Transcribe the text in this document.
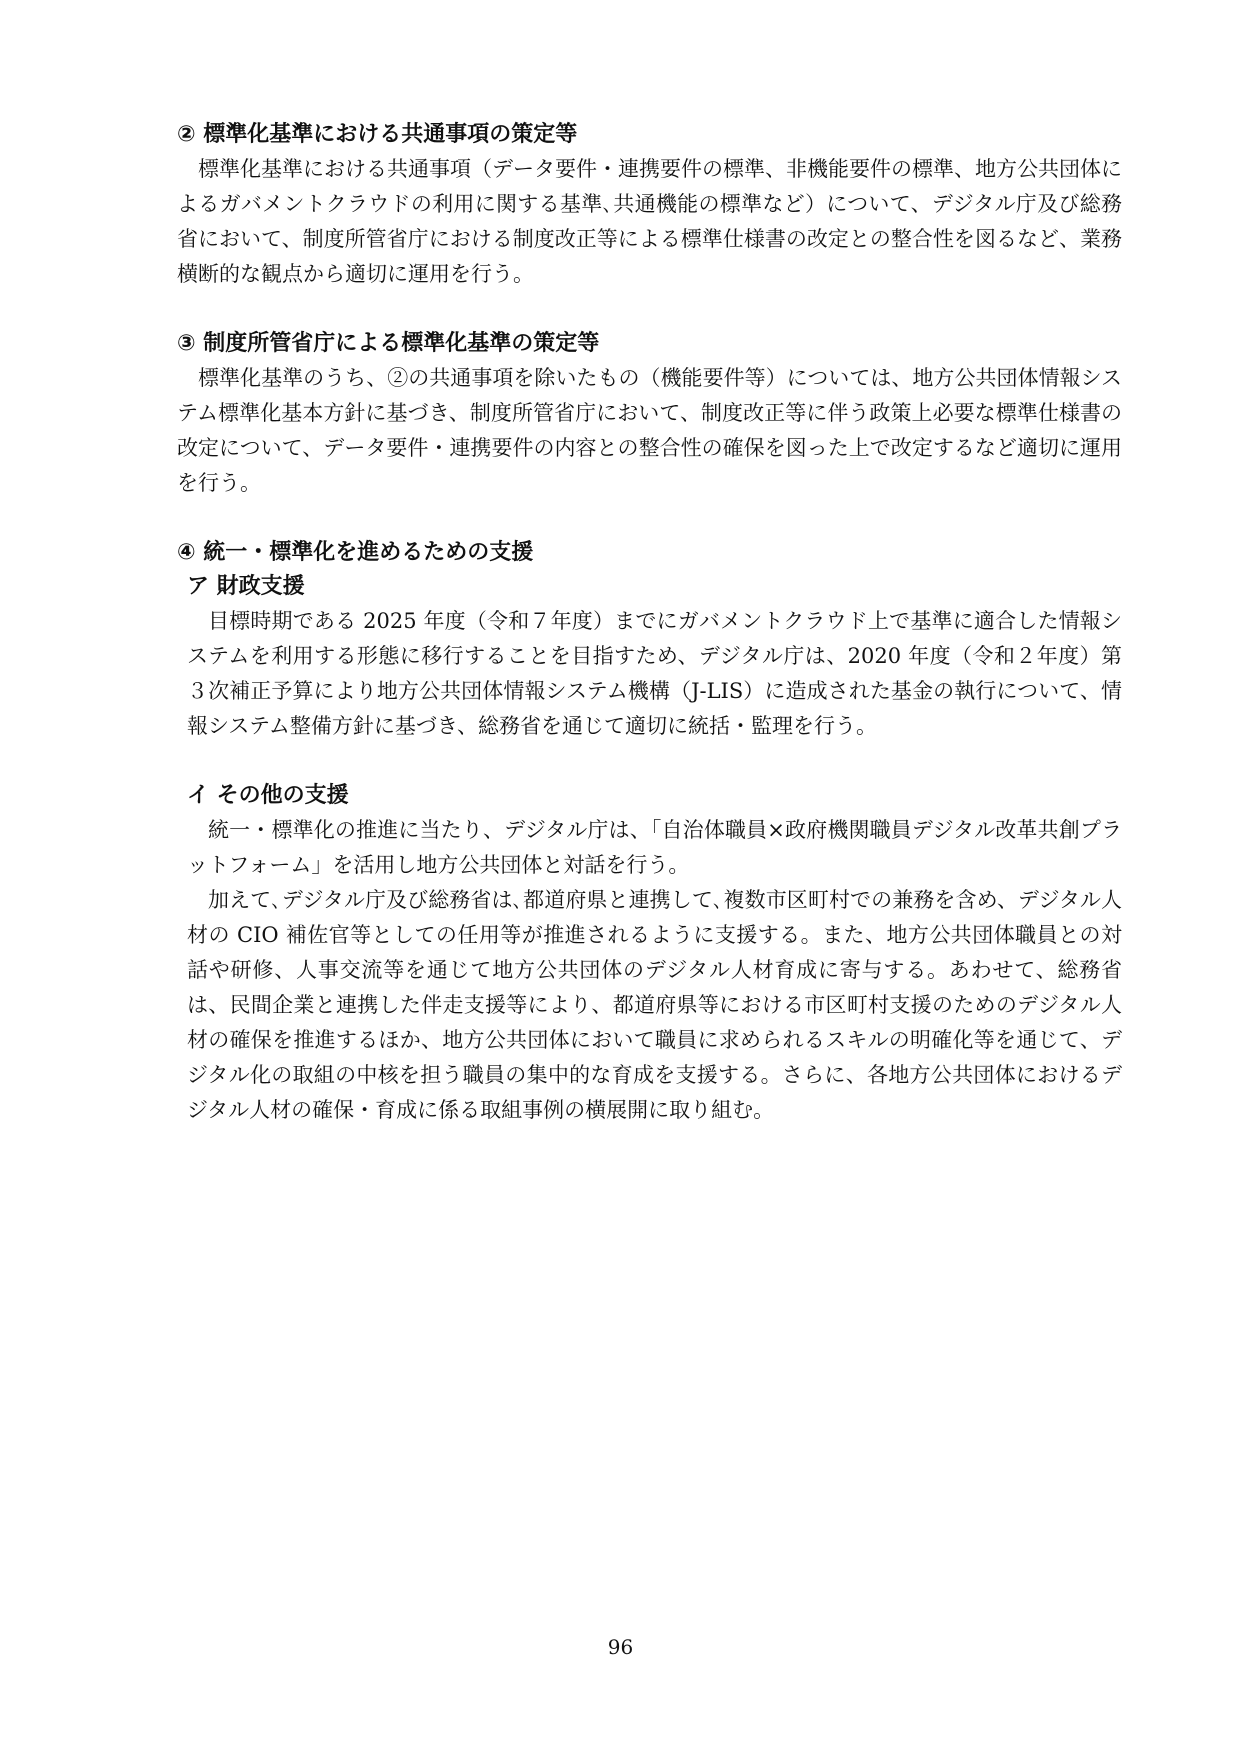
② 標準化基準における共通事項の策定等

標準化基準における共通事項（データ要件・連携要件の標準、非機能要件の標準、地方公共団体によるガバメントクラウドの利用に関する基準､共通機能の標準など）について、デジタル庁及び総務省において、制度所管省庁における制度改正等による標準仕様書の改定との整合性を図るなど、業務横断的な観点から適切に運用を行う。

③ 制度所管省庁による標準化基準の策定等

標準化基準のうち、②の共通事項を除いたもの（機能要件等）については、地方公共団体情報システム標準化基本方針に基づき、制度所管省庁において、制度改正等に伴う政策上必要な標準仕様書の改定について、データ要件・連携要件の内容との整合性の確保を図った上で改定するなど適切に運用を行う。

④ 統一・標準化を進めるための支援
ア 財政支援

目標時期である 2025 年度（令和７年度）までにガバメントクラウド上で基準に適合した情報システムを利用する形態に移行することを目指すため、デジタル庁は、2020 年度（令和２年度）第３次補正予算により地方公共団体情報システム機構（J-LIS）に造成された基金の執行について、情報システム整備方針に基づき、総務省を通じて適切に統括・監理を行う。

イ その他の支援

統一・標準化の推進に当たり、デジタル庁は、「自治体職員×政府機関職員デジタル改革共創プラットフォーム」を活用し地方公共団体と対話を行う。

加えて､デジタル庁及び総務省は､都道府県と連携して､複数市区町村での兼務を含め、デジタル人材の CIO 補佐官等としての任用等が推進されるように支援する。また、地方公共団体職員との対話や研修、人事交流等を通じて地方公共団体のデジタル人材育成に寄与する。あわせて、総務省は、民間企業と連携した伴走支援等により、都道府県等における市区町村支援のためのデジタル人材の確保を推進するほか、地方公共団体において職員に求められるスキルの明確化等を通じて、デジタル化の取組の中核を担う職員の集中的な育成を支援する。さらに、各地方公共団体におけるデジタル人材の確保・育成に係る取組事例の横展開に取り組む。

96
